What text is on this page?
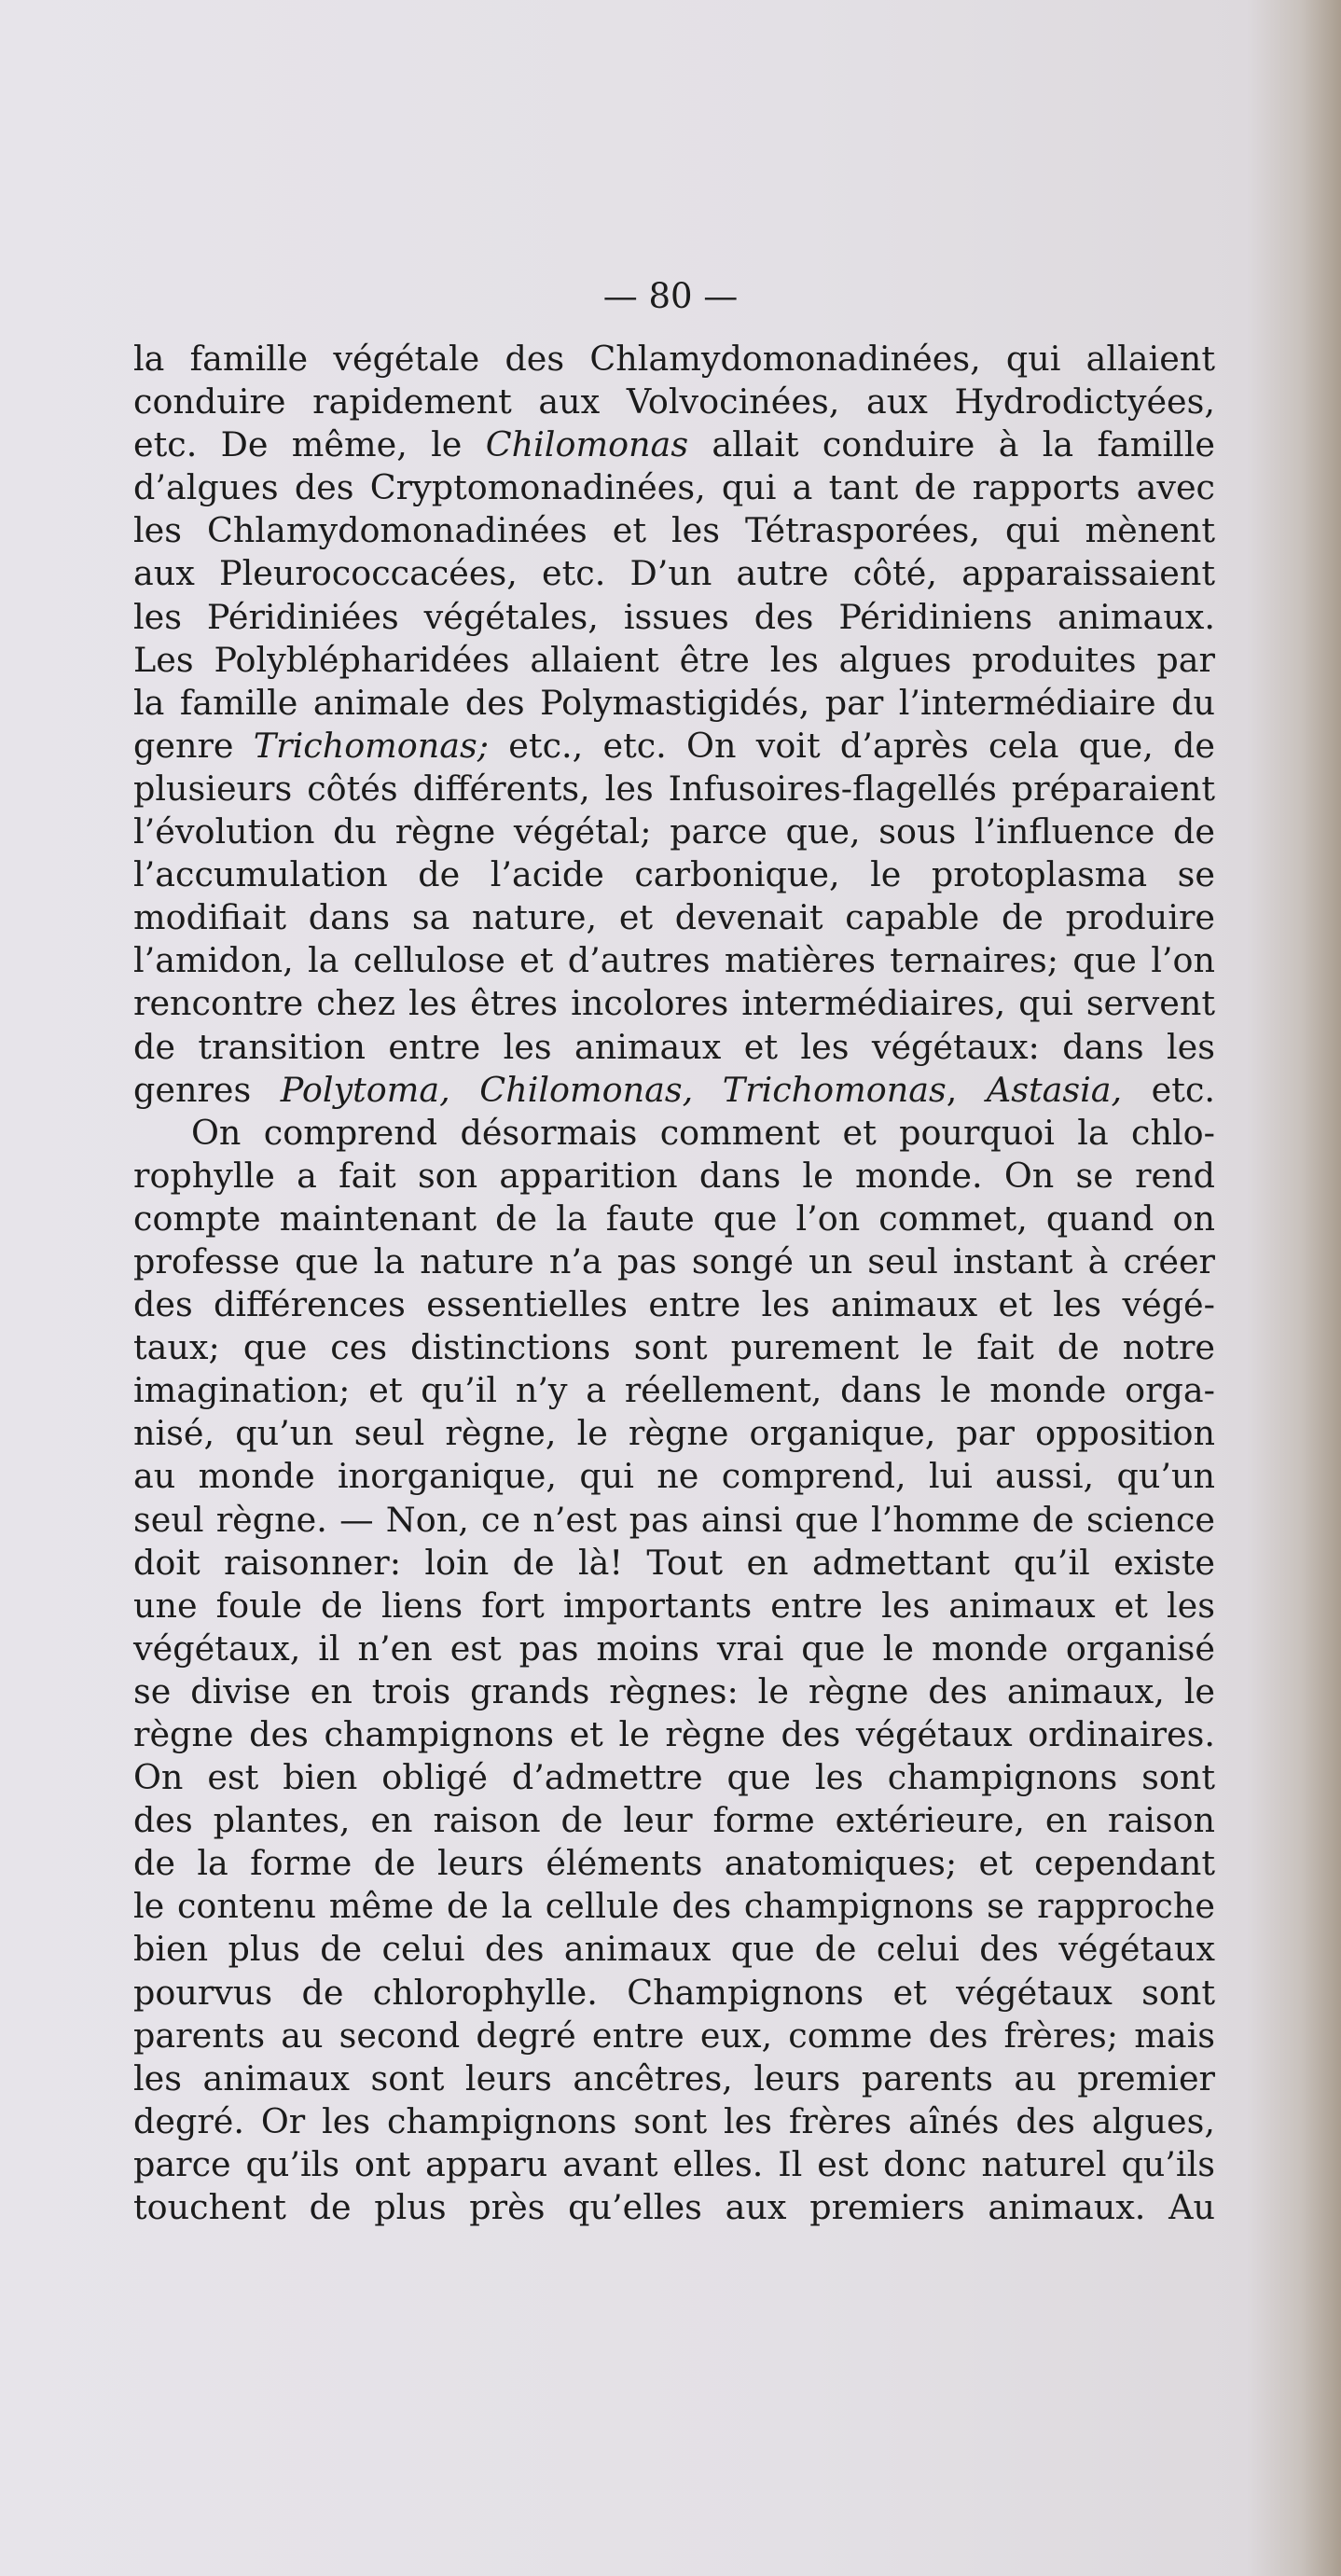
— 80 —
la famille végétale des Chlamydomonadinées, qui allaient
conduire rapidement aux Volvocinées, aux Hydrodictyées,
etc. De même, le Chilomonas allait conduire à la famille
d’algues des Cryptomonadinées, qui a tant de rapports avec
les Chlamydomonadinées et les Tétrasporées, qui mènent
aux Pleurococcacées, etc. D’un autre côté, apparaissaient
les Péridiniées végétales, issues des Péridiniens animaux.
Les Polyblépharidées allaient être les algues produites par
la famille animale des Polymastigidés, par l’intermédiaire du
genre Trichomonas; etc., etc. On voit d’après cela que, de
plusieurs côtés différents, les Infusoires-flagellés préparaient
l’évolution du règne végétal; parce que, sous l’influence de
l’accumulation de l’acide carbonique, le protoplasma se
modifiait dans sa nature, et devenait capable de produire
l’amidon, la cellulose et d’autres matières ternaires; que l’on
rencontre chez les êtres incolores intermédiaires, qui servent
de transition entre les animaux et les végétaux: dans les
genres Polytoma, Chilomonas, Trichomonas, Astasia, etc.
On comprend désormais comment et pourquoi la chlo-
rophylle a fait son apparition dans le monde. On se rend
compte maintenant de la faute que l’on commet, quand on
professe que la nature n’a pas songé un seul instant à créer
des différences essentielles entre les animaux et les végé-
taux; que ces distinctions sont purement le fait de notre
imagination; et qu’il n’y a réellement, dans le monde orga-
nisé, qu’un seul règne, le règne organique, par opposition
au monde inorganique, qui ne comprend, lui aussi, qu’un
seul règne. — Non, ce n’est pas ainsi que l’homme de science
doit raisonner: loin de là! Tout en admettant qu’il existe
une foule de liens fort importants entre les animaux et les
végétaux, il n’en est pas moins vrai que le monde organisé
se divise en trois grands règnes: le règne des animaux, le
règne des champignons et le règne des végétaux ordinaires.
On est bien obligé d’admettre que les champignons sont
des plantes, en raison de leur forme extérieure, en raison
de la forme de leurs éléments anatomiques; et cependant
le contenu même de la cellule des champignons se rapproche
bien plus de celui des animaux que de celui des végétaux
pourvus de chlorophylle. Champignons et végétaux sont
parents au second degré entre eux, comme des frères; mais
les animaux sont leurs ancêtres, leurs parents au premier
degré. Or les champignons sont les frères aînés des algues,
parce qu’ils ont apparu avant elles. Il est donc naturel qu’ils
touchent de plus près qu’elles aux premiers animaux. Au
